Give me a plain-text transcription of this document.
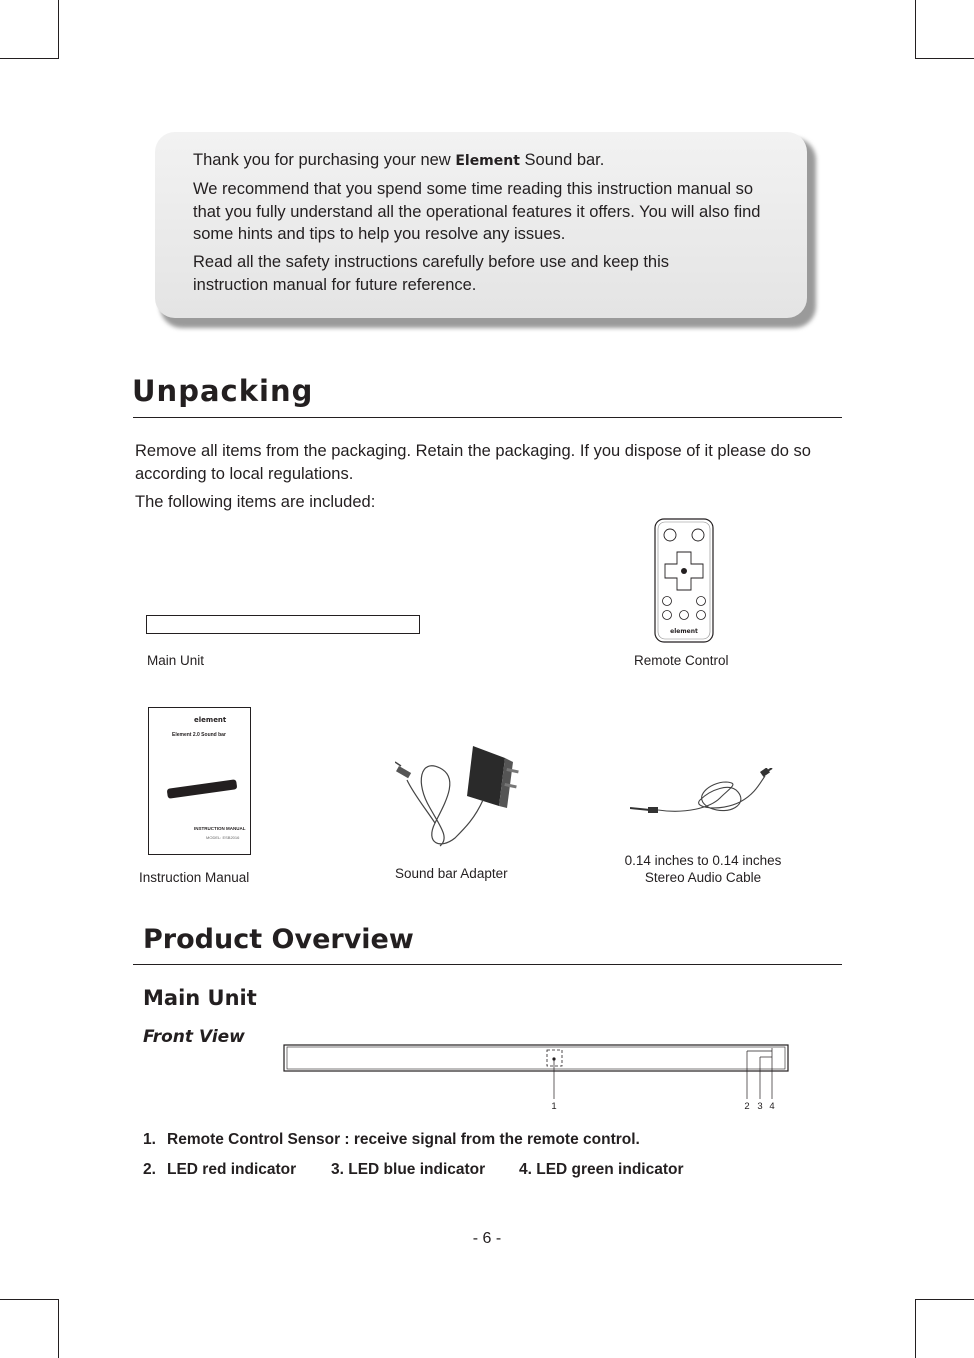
Thank you for purchasing your new Element Sound bar.

We recommend that you spend some time reading this instruction manual so that you fully understand all the operational features it offers. You will also find some hints and tips to help you resolve any issues.

Read all the safety instructions carefully before use and keep this instruction manual for future reference.

Unpacking

Remove all items from the packaging. Retain the packaging. If you dispose of it please do so according to local regulations.

The following items are included:

Main Unit
element
Remote Control
element
Element 2.0 Sound bar
INSTRUCTION MANUAL
MODEL: ESB2016
Instruction Manual	Sound bar Adapter
0.14 inches to 0.14 inches
Stereo Audio Cable
Product Overview
Main Unit
Front View
1	2 3 4

1. Remote Control Sensor : receive signal from the remote control.

2. LED red indicator 3. LED blue indicator 4. LED green indicator

- 6 -
